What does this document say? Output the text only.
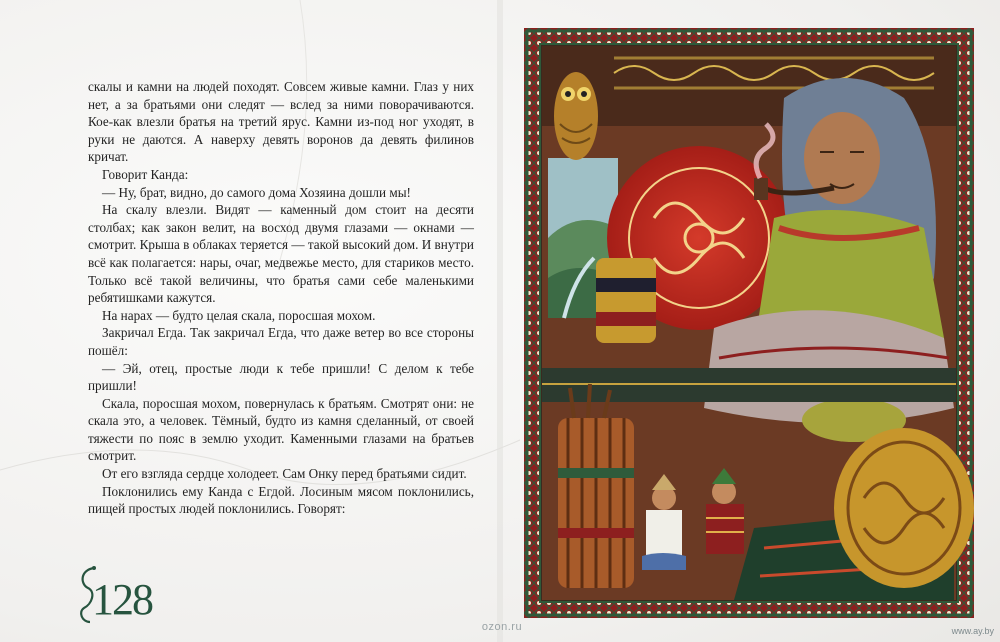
скалы и камни на людей походят. Совсем живые камни. Глаз у них нет, а за братьями они следят — вслед за ними поворачиваются. Кое-как влезли братья на третий ярус. Камни из-под ног уходят, в руки не даются. А наверху девять воронов да девять филинов кричат.

Говорит Канда:

— Ну, брат, видно, до самого дома Хозяина дошли мы!

На скалу влезли. Видят — каменный дом стоит на десяти столбах; как закон велит, на восход двумя глазами — окнами — смотрит. Крыша в облаках теряется — такой высокий дом. И внутри всё как полагается: нары, очаг, медвежье место, для стариков место. Только всё такой величины, что братья сами себе маленькими ребятишками кажутся.

На нарах — будто целая скала, поросшая мохом.

Закричал Егда. Так закричал Егда, что даже ветер во все стороны пошёл:

— Эй, отец, простые люди к тебе пришли! С делом к тебе пришли!

Скала, поросшая мохом, повернулась к братьям. Смотрят они: не скала это, а человек. Тёмный, будто из камня сделанный, от своей тяжести по пояс в землю уходит. Каменными глазами на братьев смотрит.

От его взгляда сердце холодеет. Сам Онку перед братьями сидит.

Поклонились ему Канда с Егдой. Лосиным мясом поклонились, пищей простых людей поклонились. Говорят:

128
ozon.ru	www.ay.by
